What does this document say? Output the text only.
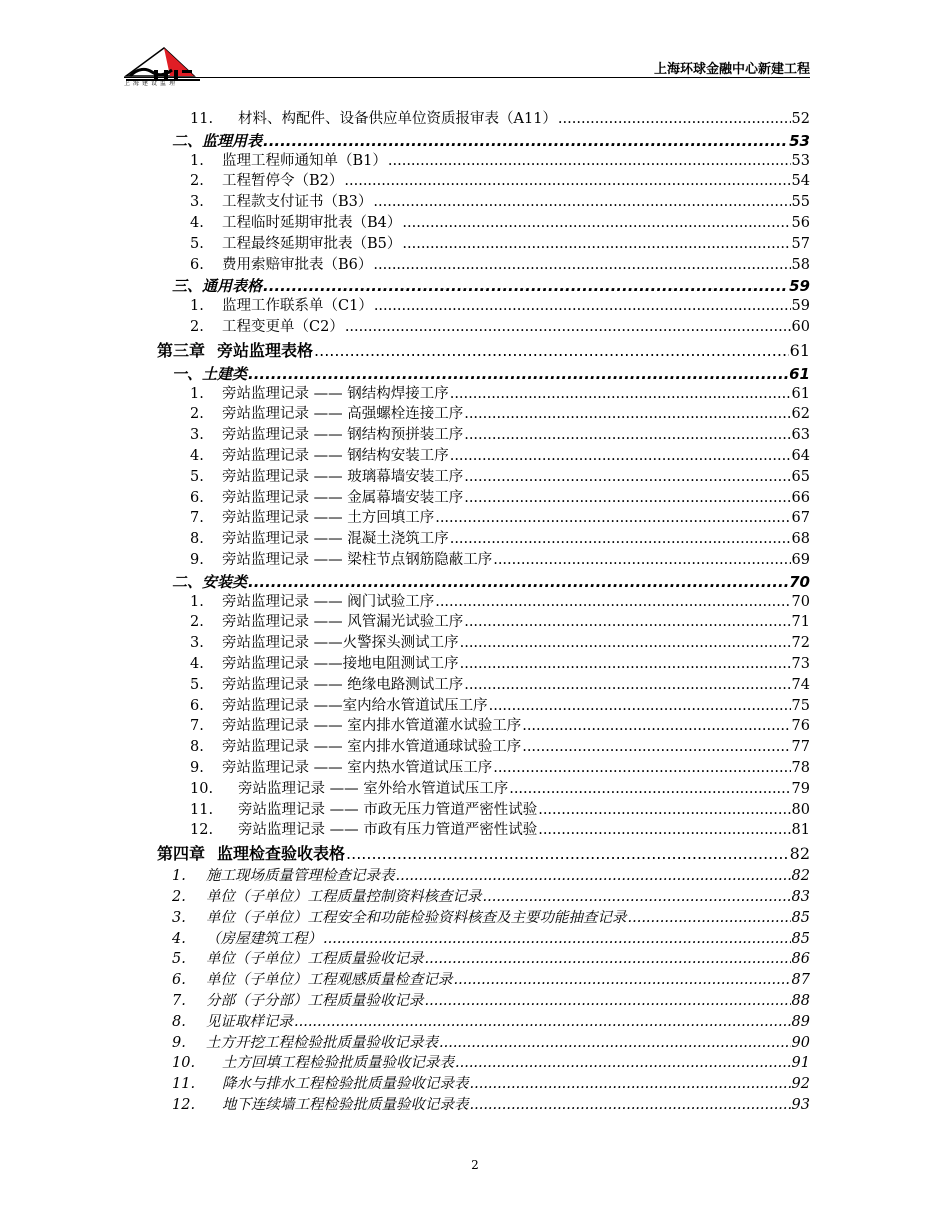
上海建设监理
上海环球金融中心新建工程
11.	材料、构配件、设备供应单位资质报审表（A11） .....	52
二、监理用表 .....	53
1.	监理工程师通知单（B1） .....	53
2.	工程暂停令（B2） .....	54
3.	工程款支付证书（B3） .....	55
4.	工程临时延期审批表（B4） .....	56
5.	工程最终延期审批表（B5） .....	57
6.	费用索赔审批表（B6） .....	58
三、通用表格 .....	59
1.	监理工作联系单（C1） .....	59
2.	工程变更单（C2） .....	60
第三章 旁站监理表格 .....	61
一、土建类 .....	61
1.	旁站监理记录 —— 钢结构焊接工序 .....	61
2.	旁站监理记录 —— 高强螺栓连接工序 .....	62
3.	旁站监理记录 —— 钢结构预拼装工序 .....	63
4.	旁站监理记录 —— 钢结构安装工序 .....	64
5.	旁站监理记录 —— 玻璃幕墙安装工序 .....	65
6.	旁站监理记录 —— 金属幕墙安装工序 .....	66
7.	旁站监理记录 —— 土方回填工序 .....	67
8.	旁站监理记录 —— 混凝土浇筑工序 .....	68
9.	旁站监理记录 —— 梁柱节点钢筋隐蔽工序 .....	69
二、安装类 .....	70
1.	旁站监理记录 —— 阀门试验工序 .....	70
2.	旁站监理记录 —— 风管漏光试验工序 .....	71
3.	旁站监理记录 ——火警探头测试工序 .....	72
4.	旁站监理记录 ——接地电阻测试工序 .....	73
5.	旁站监理记录 —— 绝缘电路测试工序 .....	74
6.	旁站监理记录 ——室内给水管道试压工序 .....	75
7.	旁站监理记录 —— 室内排水管道灌水试验工序 .....	76
8.	旁站监理记录 —— 室内排水管道通球试验工序 .....	77
9.	旁站监理记录 —— 室内热水管道试压工序 .....	78
10.	旁站监理记录 —— 室外给水管道试压工序 .....	79
11.	旁站监理记录 —— 市政无压力管道严密性试验 .....	80
12.	旁站监理记录 —— 市政有压力管道严密性试验 .....	81
第四章 监理检查验收表格 .....	82
1.	施工现场质量管理检查记录表 .....	82
2.	单位（子单位）工程质量控制资料核查记录 .....	83
3.	单位（子单位）工程安全和功能检验资料核查及主要功能抽查记录 .....	85
4.	（房屋建筑工程） .....	85
5.	单位（子单位）工程质量验收记录 .....	86
6.	单位（子单位）工程观感质量检查记录 .....	87
7.	分部（子分部）工程质量验收记录 .....	88
8.	见证取样记录 .....	89
9.	土方开挖工程检验批质量验收记录表 .....	90
10.	土方回填工程检验批质量验收记录表 .....	91
11.	降水与排水工程检验批质量验收记录表 .....	92
12.	地下连续墙工程检验批质量验收记录表 .....	93
2
